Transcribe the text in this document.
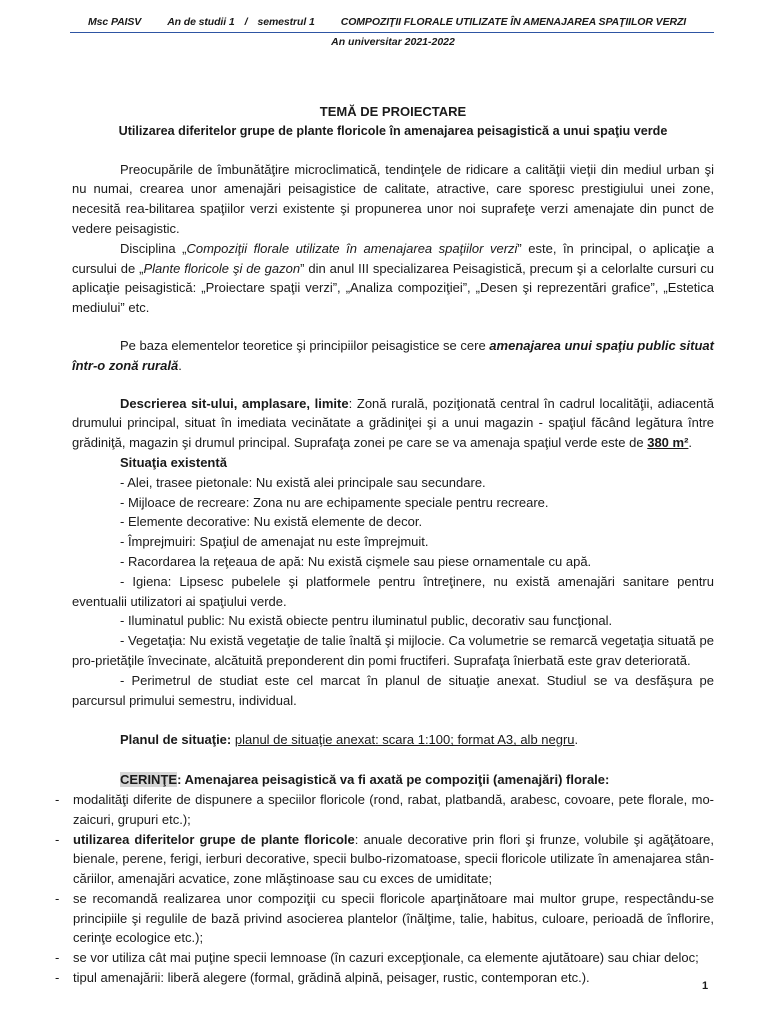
Msc PAISV An de studii 1 / semestrul 1 COMPOZIŢII FLORALE UTILIZATE ÎN AMENAJAREA SPAŢIILOR VERZI
An universitar 2021-2022

TEMĂ DE PROIECTARE

Utilizarea diferitelor grupe de plante floricole în amenajarea peisagistică a unui spaţiu verde

Preocupările de îmbunătăţire microclimatică, tendinţele de ridicare a calităţii vieţii din mediul urban şi nu numai, crearea unor amenajări peisagistice de calitate, atractive, care sporesc prestigiului unei zone, necesită rea-bilitarea spaţiilor verzi existente şi propunerea unor noi suprafeţe verzi amenajate din punct de vedere peisagistic.

Disciplina „Compoziţii florale utilizate în amenajarea spaţiilor verzi” este, în principal, o aplicaţie a cursului de „Plante floricole şi de gazon” din anul III specializarea Peisagistică, precum şi a celorlalte cursuri cu aplicaţie peisagistică: „Proiectare spaţii verzi”, „Analiza compoziţiei”, „Desen şi reprezentări grafice”, „Estetica mediului” etc.

Pe baza elementelor teoretice şi principiilor peisagistice se cere amenajarea unui spaţiu public situat într-o zonă rurală.

Descrierea sit-ului, amplasare, limite: Zonă rurală, poziţionată central în cadrul localităţii, adiacentă drumului principal, situat în imediata vecinătate a grădiniţei şi a unui magazin - spaţiul făcând legătura între grădiniţă, magazin şi drumul principal. Suprafaţa zonei pe care se va amenaja spaţiul verde este de 380 m².

Situaţia existentă

- Alei, trasee pietonale: Nu există alei principale sau secundare.

- Mijloace de recreare: Zona nu are echipamente speciale pentru recreare.

- Elemente decorative: Nu există elemente de decor.

- Împrejmuiri: Spaţiul de amenajat nu este împrejmuit.

- Racordarea la reţeaua de apă: Nu există cişmele sau piese ornamentale cu apă.

- Igiena: Lipsesc pubelele şi platformele pentru întreţinere, nu există amenajări sanitare pentru eventualii utilizatori ai spaţiului verde.

- Iluminatul public: Nu există obiecte pentru iluminatul public, decorativ sau funcţional.

- Vegetaţia: Nu există vegetaţie de talie înaltă şi mijlocie. Ca volumetrie se remarcă vegetaţia situată pe pro-prietăţile învecinate, alcătuită preponderent din pomi fructiferi. Suprafaţa înierbată este grav deteriorată.

- Perimetrul de studiat este cel marcat în planul de situaţie anexat. Studiul se va desfăşura pe parcursul primului semestru, individual.

Planul de situaţie: planul de situaţie anexat: scara 1:100; format A3, alb negru.

CERINŢE: Amenajarea peisagistică va fi axată pe compoziţii (amenajări) florale:

- modalităţi diferite de dispunere a speciilor floricole (rond, rabat, platbandă, arabesc, covoare, pete florale, mo-zaicuri, grupuri etc.);
- utilizarea diferitelor grupe de plante floricole: anuale decorative prin flori şi frunze, volubile şi agăţătoare, bienale, perene, ferigi, ierburi decorative, specii bulbo-rizomatoase, specii floricole utilizate în amenajarea stân-căriilor, amenajări acvatice, zone mlăştinoase sau cu exces de umiditate;
- se recomandă realizarea unor compoziţii cu specii floricole aparţinătoare mai multor grupe, respectându-se principiile şi regulile de bază privind asocierea plantelor (înălţime, talie, habitus, culoare, perioadă de înflorire, cerinţe ecologice etc.);
- se vor utiliza cât mai puţine specii lemnoase (în cazuri excepţionale, ca elemente ajutătoare) sau chiar deloc;
- tipul amenajării: liberă alegere (formal, grădină alpină, peisager, rustic, contemporan etc.).
1
